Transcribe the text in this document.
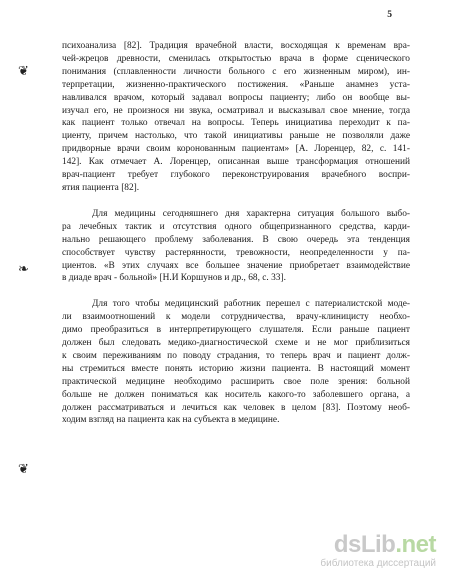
5
❦
❧
❦

психоанализа [82]. Традиция врачебной власти, восходящая к временам вра-
чей-жрецов древности, сменилась открытостью врача в форме сценического
понимания (сплавленности личности больного с его жизненным миром), ин-
терпретации, жизненно-практического постижения. «Раньше анамнез уста-
навливался врачом, который задавал вопросы пациенту; либо он вообще вы-
изучал его, не произнося ни звука, осматривал и высказывал свое мнение, тогда
как пациент только отвечал на вопросы. Теперь инициатива переходит к па-
циенту, причем настолько, что такой инициативы раньше не позволяли даже
придворные врачи своим коронованным пациентам» [А. Лоренцер, 82, с. 141-
142]. Как отмечает А. Лоренцер, описанная выше трансформация отношений
врач-пациент требует глубокого переконструирования врачебного воспри-
ятия пациента [82].

Для медицины сегодняшнего дня характерна ситуация большого выбо-
ра лечебных тактик и отсутствия одного общепризнанного средства, карди-
нально решающего проблему заболевания. В свою очередь эта тенденция
способствует чувству растерянности, тревожности, неопределенности у па-
циентов. «В этих случаях все большее значение приобретает взаимодействие
в диаде врач - больной» [Н.И Коршунов и др., 68, с. 33].

Для того чтобы медицинский работник перешел с патериалистской моде-
ли взаимоотношений к модели сотрудничества, врачу-клиницисту необхо-
димо преобразиться в интерпретирующего слушателя. Если раньше пациент
должен был следовать медико-диагностической схеме и не мог приблизиться
к своим переживаниям по поводу страдания, то теперь врач и пациент долж-
ны стремиться вместе понять историю жизни пациента. В настоящий момент
практической медицине необходимо расширить свое поле зрения: больной
больше не должен пониматься как носитель какого-то заболевшего органа, а
должен рассматриваться и лечиться как человек в целом [83]. Поэтому необ-
ходим взгляд на пациента как на субъекта в медицине.

dsLib.net
библиотека диссертаций
